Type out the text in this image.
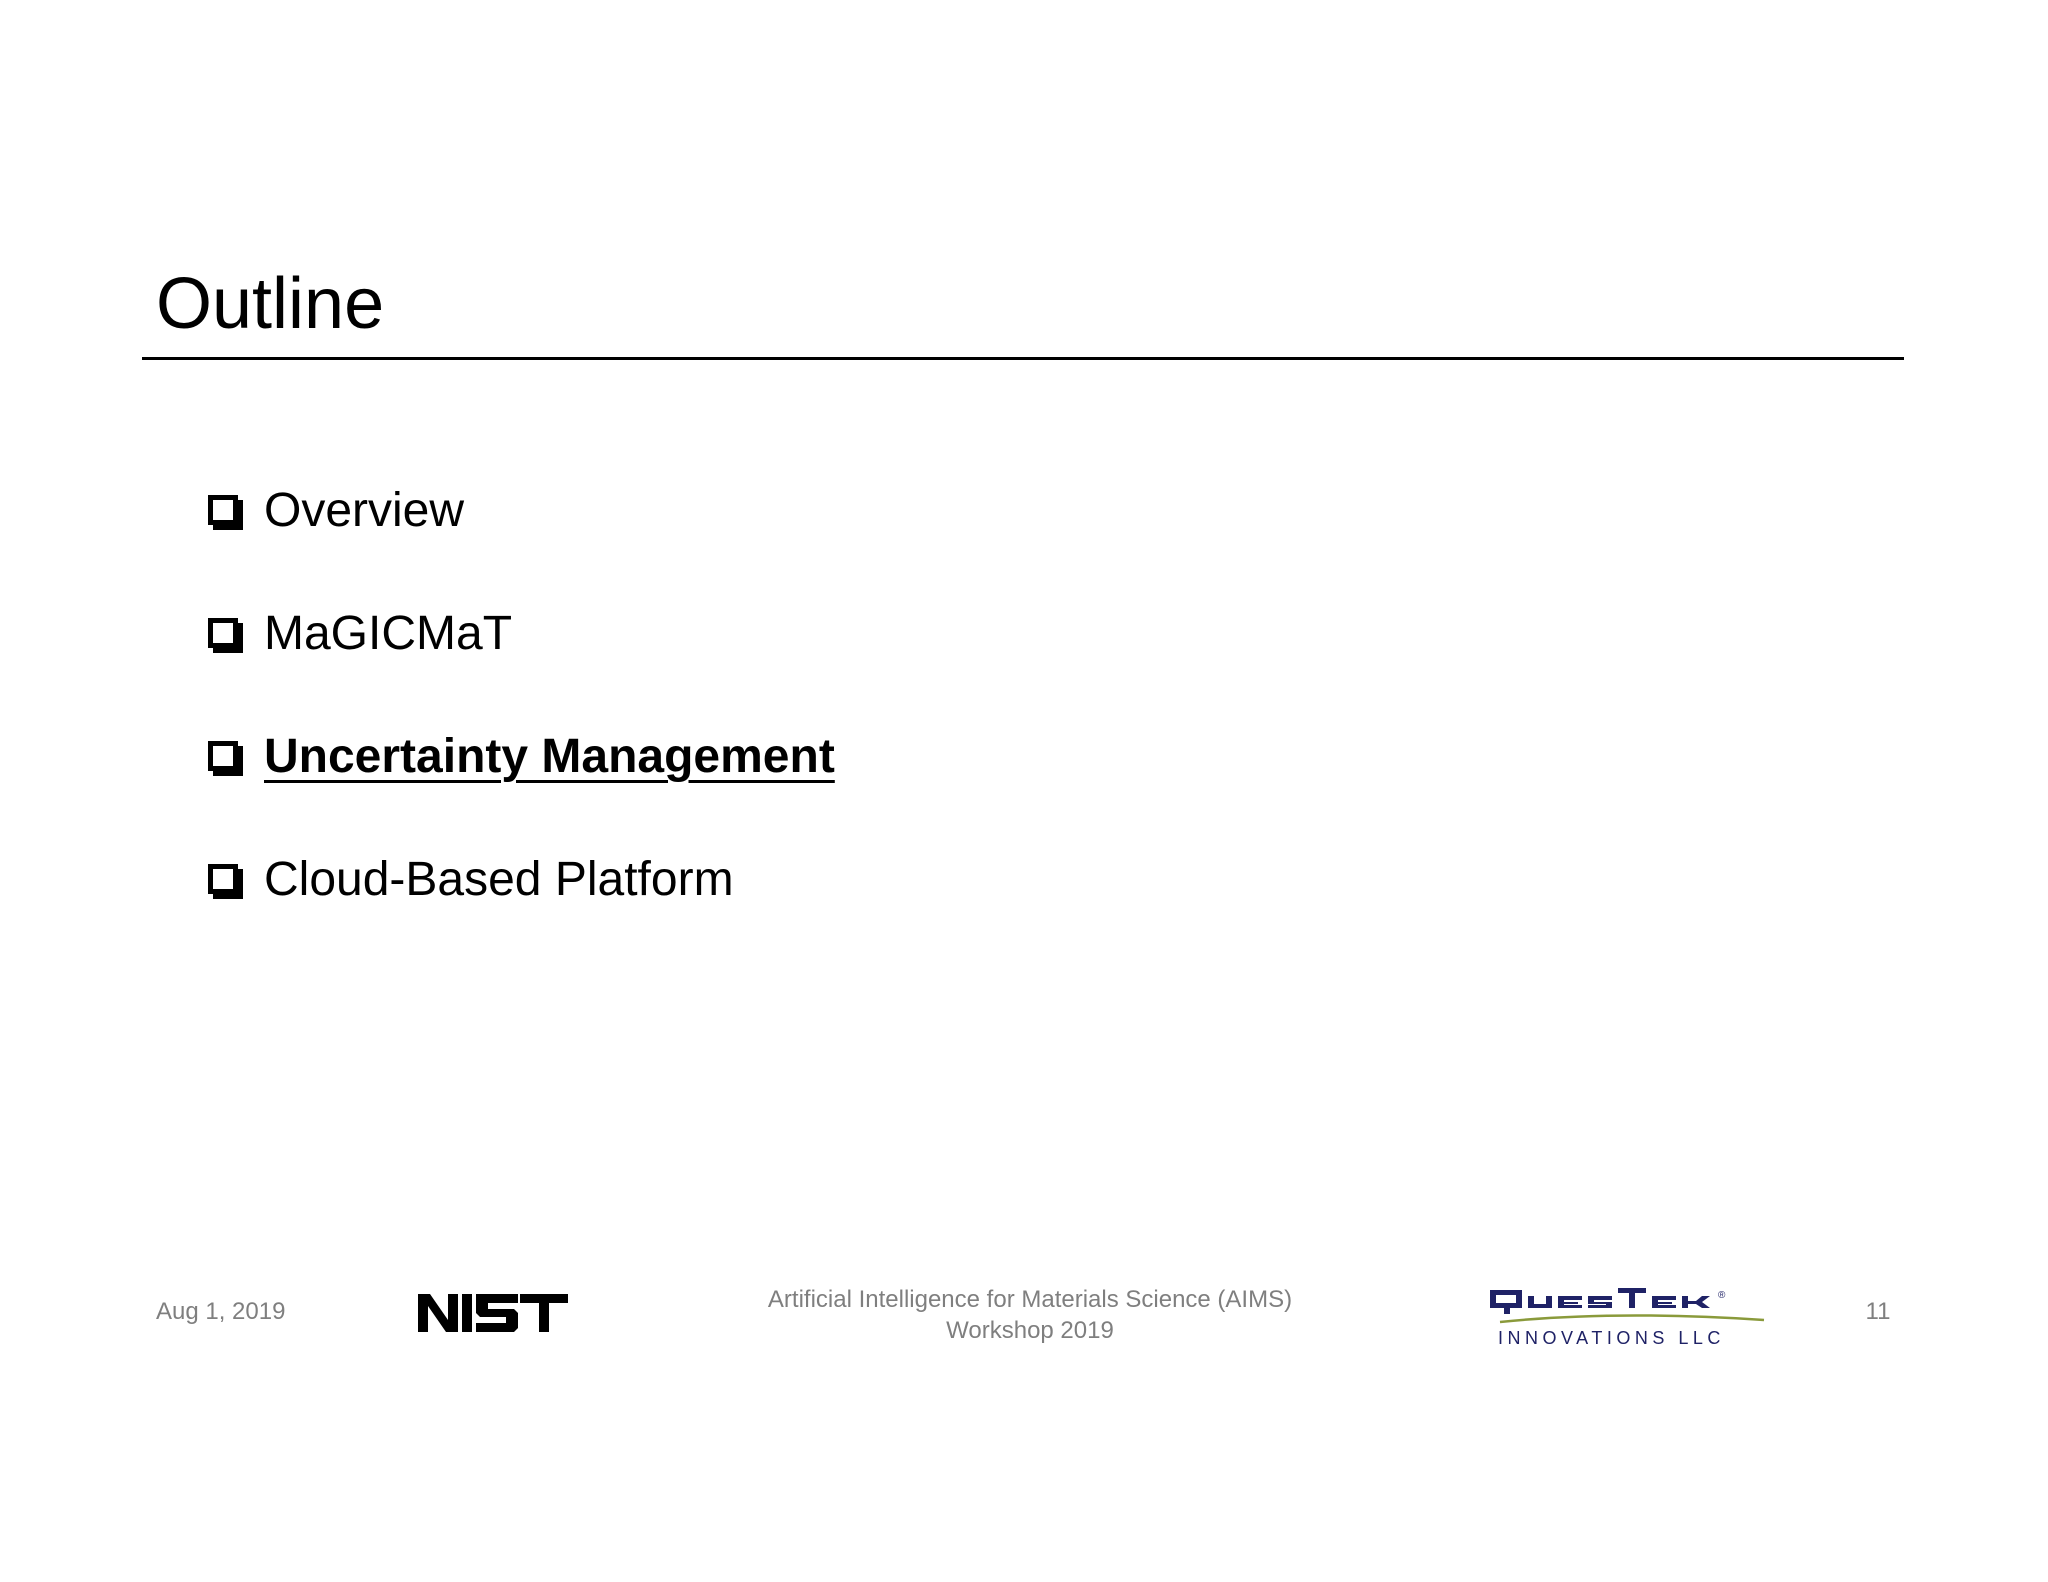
Outline
Overview
MaGICMaT
Uncertainty Management
Cloud-Based Platform
Aug 1, 2019	Artificial Intelligence for Materials Science (AIMS)
Workshop 2019
®
INNOVATIONS LLC
11
